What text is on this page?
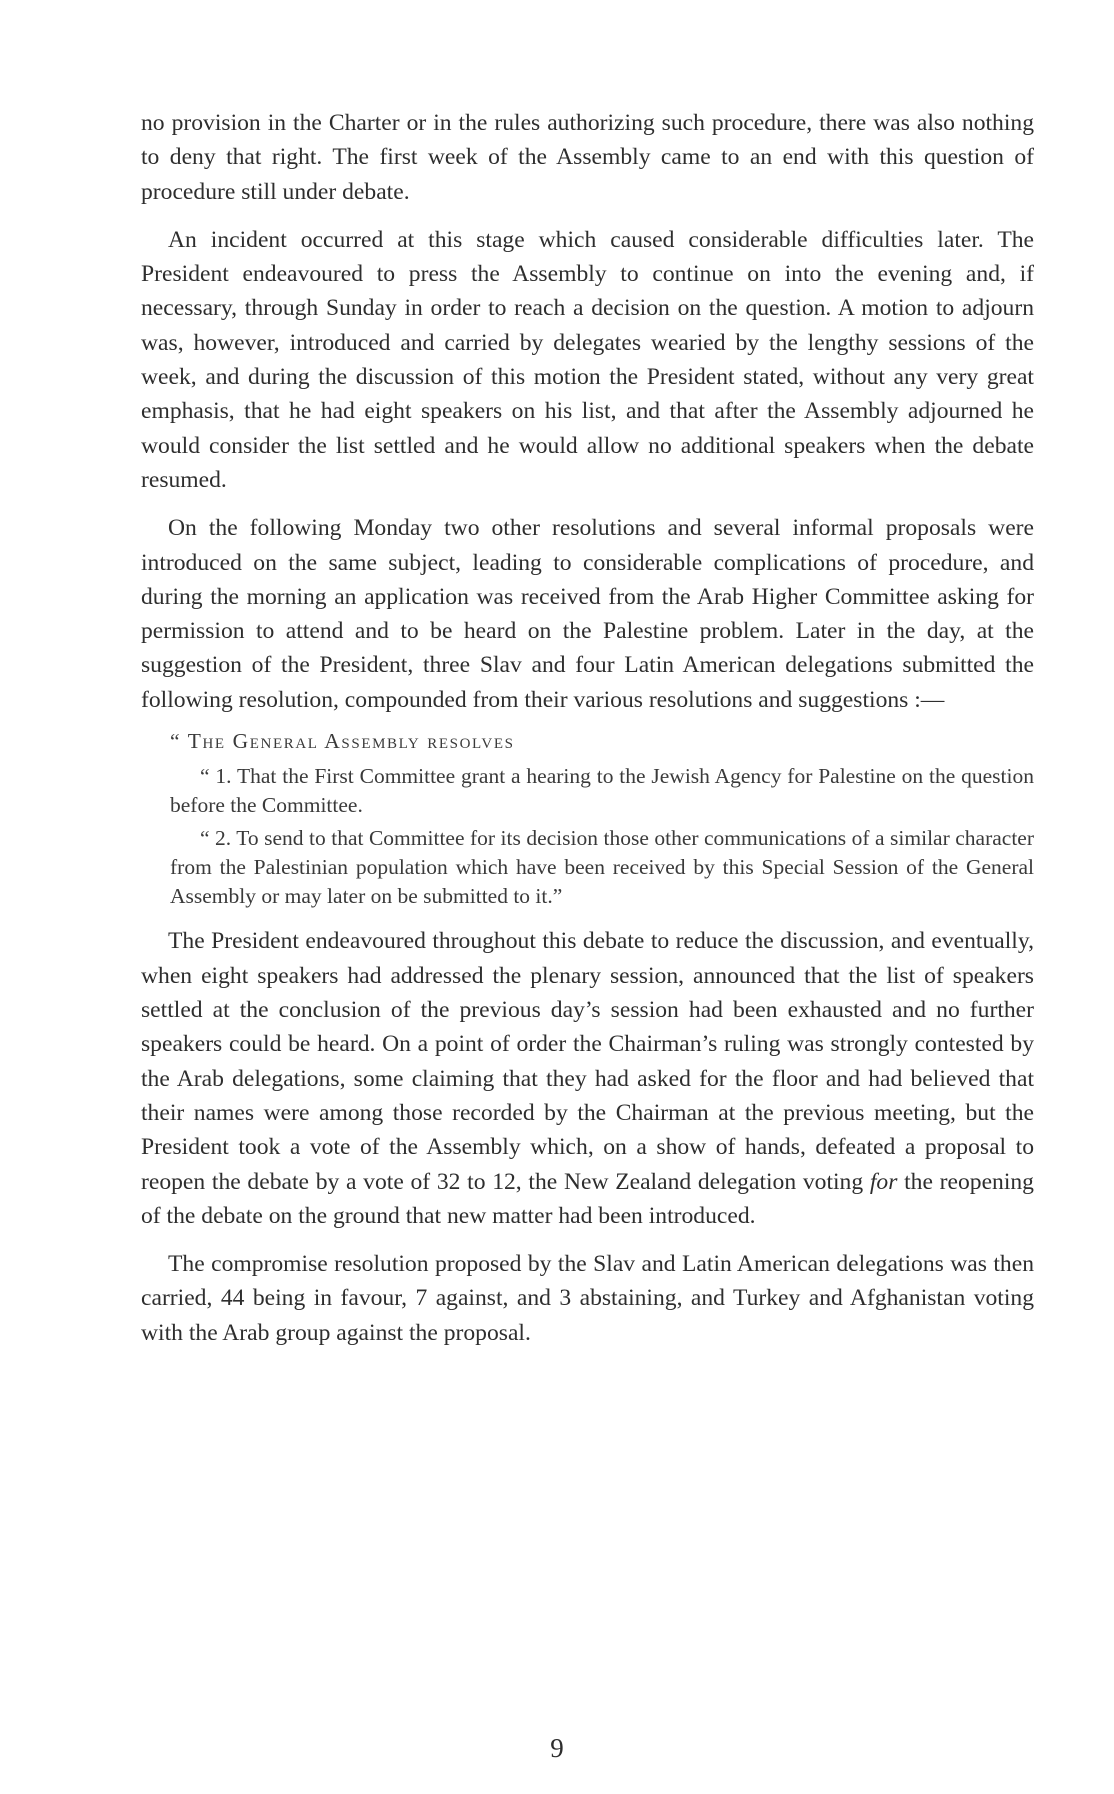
no provision in the Charter or in the rules authorizing such procedure, there was also nothing to deny that right. The first week of the Assembly came to an end with this question of procedure still under debate.

An incident occurred at this stage which caused considerable difficulties later. The President endeavoured to press the Assembly to continue on into the evening and, if necessary, through Sunday in order to reach a decision on the question. A motion to adjourn was, however, introduced and carried by delegates wearied by the lengthy sessions of the week, and during the discussion of this motion the President stated, without any very great emphasis, that he had eight speakers on his list, and that after the Assembly adjourned he would consider the list settled and he would allow no additional speakers when the debate resumed.

On the following Monday two other resolutions and several informal proposals were introduced on the same subject, leading to considerable complications of procedure, and during the morning an application was received from the Arab Higher Committee asking for permission to attend and to be heard on the Palestine problem. Later in the day, at the suggestion of the President, three Slav and four Latin American delegations submitted the following resolution, compounded from their various resolutions and suggestions :—

“ The General Assembly resolves

“ 1. That the First Committee grant a hearing to the Jewish Agency for Palestine on the question before the Committee.

“ 2. To send to that Committee for its decision those other communications of a similar character from the Palestinian population which have been received by this Special Session of the General Assembly or may later on be submitted to it.”

The President endeavoured throughout this debate to reduce the discussion, and eventually, when eight speakers had addressed the plenary session, announced that the list of speakers settled at the conclusion of the previous day’s session had been exhausted and no further speakers could be heard. On a point of order the Chairman’s ruling was strongly contested by the Arab delegations, some claiming that they had asked for the floor and had believed that their names were among those recorded by the Chairman at the previous meeting, but the President took a vote of the Assembly which, on a show of hands, defeated a proposal to reopen the debate by a vote of 32 to 12, the New Zealand delegation voting for the reopening of the debate on the ground that new matter had been introduced.

The compromise resolution proposed by the Slav and Latin American delegations was then carried, 44 being in favour, 7 against, and 3 abstaining, and Turkey and Afghanistan voting with the Arab group against the proposal.

9
